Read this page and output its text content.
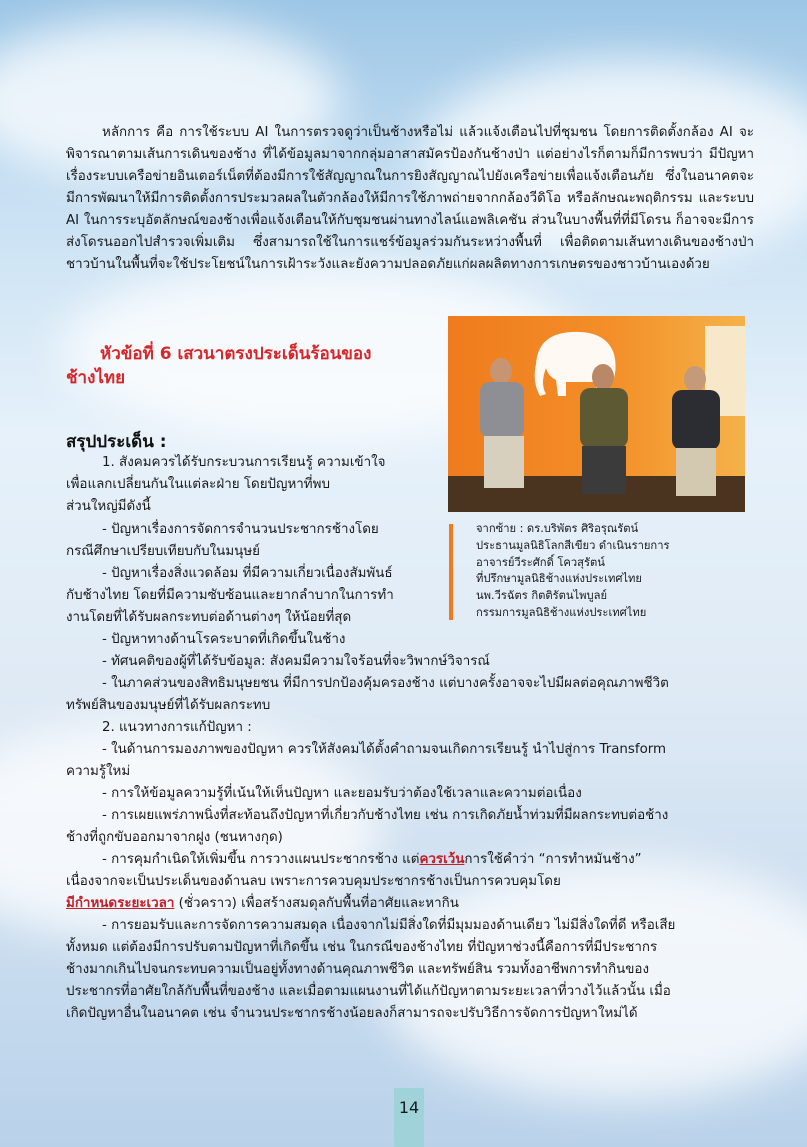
หลักการ คือ การใช้ระบบ AI ในการตรวจดูว่าเป็นช้างหรือไม่ แล้วแจ้งเตือนไปที่ชุมชน โดยการติดตั้งกล้อง AI จะพิจารณาตามเส้นการเดินของช้าง ที่ได้ข้อมูลมาจากกลุ่มอาสาสมัครป้องกันช้างป่า แต่อย่างไรก็ตามก็มีการพบว่า มีปัญหาเรื่องระบบเครือข่ายอินเตอร์เน็ตที่ต้องมีการใช้สัญญาณในการยิงสัญญาณไปยังเครือข่ายเพื่อแจ้งเตือนภัย ซึ่งในอนาคตจะมีการพัฒนาให้มีการติดตั้งการประมวลผลในตัวกล้องให้มีการใช้ภาพถ่ายจากกล้องวีดิโอ หรือลักษณะพฤติกรรม และระบบ AI ในการระบุอัตลักษณ์ของช้างเพื่อแจ้งเตือนให้กับชุมชนผ่านทางไลน์แอพลิเคชัน ส่วนในบางพื้นที่ที่มีโดรน ก็อาจจะมีการส่งโดรนออกไปสำรวจเพิ่มเติม ซึ่งสามารถใช้ในการแชร์ข้อมูลร่วมกันระหว่างพื้นที่ เพื่อติดตามเส้นทางเดินของช้างป่า ชาวบ้านในพื้นที่จะใช้ประโยชน์ในการเฝ้าระวังและยังความปลอดภัยแก่ผลผลิตทางการเกษตรของชาวบ้านเองด้วย

หัวข้อที่ 6 เสวนาตรงประเด็นร้อนของ
ช้างไทย
จากซ้าย : ดร.บริพัตร ศิริอรุณรัตน์
ประธานมูลนิธิโลกสีเขียว ดำเนินรายการ
อาจารย์วีระศักดิ์ โควสุรัตน์
ที่ปรึกษามูลนิธิช้างแห่งประเทศไทย
นพ.วีรฉัตร กิตติรัตนไพบูลย์
กรรมการมูลนิธิช้างแห่งประเทศไทย
สรุปประเด็น :
1. สังคมควรได้รับกระบวนการเรียนรู้ ความเข้าใจ
เพื่อแลกเปลี่ยนกันในแต่ละฝ่าย โดยปัญหาที่พบ
ส่วนใหญ่มีดังนี้
- ปัญหาเรื่องการจัดการจำนวนประชากรช้างโดย
กรณีศึกษาเปรียบเทียบกับในมนุษย์
- ปัญหาเรื่องสิ่งแวดล้อม ที่มีความเกี่ยวเนื่องสัมพันธ์
กับช้างไทย โดยที่มีความซับซ้อนและยากลำบากในการทำ
งานโดยที่ได้รับผลกระทบต่อด้านต่างๆ ให้น้อยที่สุด
- ปัญหาทางด้านโรคระบาดที่เกิดขึ้นในช้าง
- ทัศนคติของผู้ที่ได้รับข้อมูล: สังคมมีความใจร้อนที่จะวิพากษ์วิจารณ์
- ในภาคส่วนของสิทธิมนุษยชน ที่มีการปกป้องคุ้มครองช้าง แต่บางครั้งอาจจะไปมีผลต่อคุณภาพชีวิต
ทรัพย์สินของมนุษย์ที่ได้รับผลกระทบ
2. แนวทางการแก้ปัญหา :
- ในด้านการมองภาพของปัญหา ควรให้สังคมได้ตั้งคำถามจนเกิดการเรียนรู้ นำไปสู่การ Transform
ความรู้ใหม่
- การให้ข้อมูลความรู้ที่เน้นให้เห็นปัญหา และยอมรับว่าต้องใช้เวลาและความต่อเนื่อง
- การเผยแพร่ภาพนิ่งที่สะท้อนถึงปัญหาที่เกี่ยวกับช้างไทย เช่น การเกิดภัยน้ำท่วมที่มีผลกระทบต่อช้าง
ช้างที่ถูกขับออกมาจากฝูง (ชนหางกุด)
- การคุมกำเนิดให้เพิ่มขึ้น การวางแผนประชากรช้าง แต่ควรเว้นการใช้คำว่า “การทำหมันช้าง”
เนื่องจากจะเป็นประเด็นของด้านลบ เพราะการควบคุมประชากรช้างเป็นการควบคุมโดย
มีกำหนดระยะเวลา (ชั่วคราว) เพื่อสร้างสมดุลกับพื้นที่อาศัยและหากิน
- การยอมรับและการจัดการความสมดุล เนื่องจากไม่มีสิ่งใดที่มีมุมมองด้านเดียว ไม่มีสิ่งใดที่ดี หรือเสีย
ทั้งหมด แต่ต้องมีการปรับตามปัญหาที่เกิดขึ้น เช่น ในกรณีของช้างไทย ที่ปัญหาช่วงนี้คือการที่มีประชากร
ช้างมากเกินไปจนกระทบความเป็นอยู่ทั้งทางด้านคุณภาพชีวิต และทรัพย์สิน รวมทั้งอาชีพการทำกินของ
ประชากรที่อาศัยใกล้กับพื้นที่ของช้าง และเมื่อตามแผนงานที่ได้แก้ปัญหาตามระยะเวลาที่วางไว้แล้วนั้น เมื่อ
เกิดปัญหาอื่นในอนาคต เช่น จำนวนประชากรช้างน้อยลงก็สามารถจะปรับวิธีการจัดการปัญหาใหม่ได้
14
